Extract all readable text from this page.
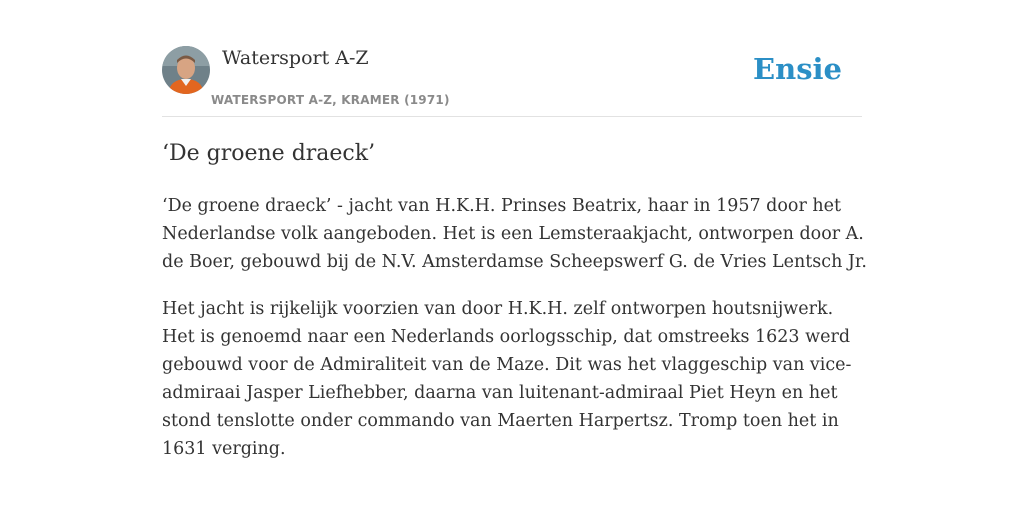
Watersport A-Z
WATERSPORT A-Z, KRAMER (1971)
Ensie
‘De groene draeck’

‘De groene draeck’ - jacht van H.K.H. Prinses Beatrix, haar in 1957 door het Nederlandse volk aangeboden. Het is een Lemsteraakjacht, ontworpen door A. de Boer, gebouwd bij de N.V. Amsterdamse Scheepswerf G. de Vries Lentsch Jr.

Het jacht is rijkelijk voorzien van door H.K.H. zelf ontworpen houtsnijwerk. Het is genoemd naar een Nederlands oorlogsschip, dat omstreeks 1623 werd gebouwd voor de Admiraliteit van de Maze. Dit was het vlaggeschip van vice-admiraai Jasper Liefhebber, daarna van luitenant-admiraal Piet Heyn en het stond tenslotte onder commando van Maerten Harpertsz. Tromp toen het in 1631 verging.
